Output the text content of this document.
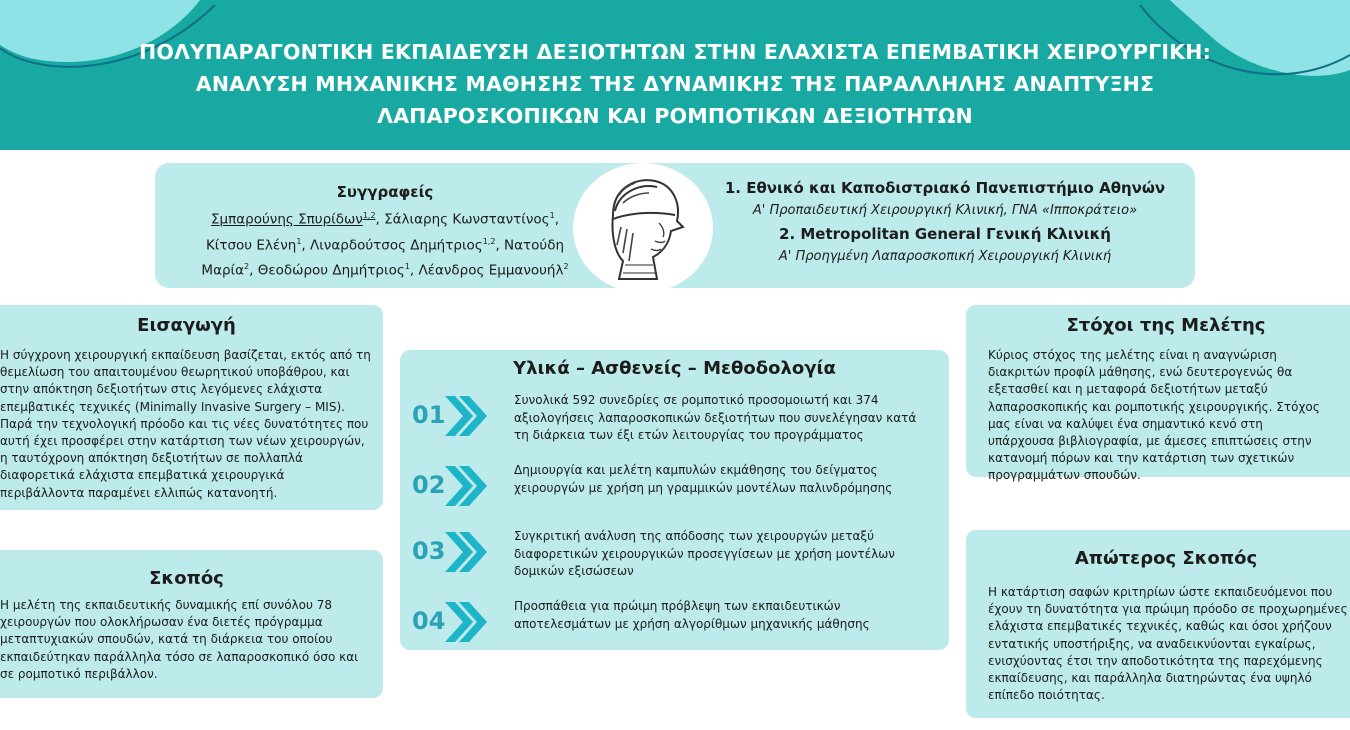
ΠΟΛΥΠΑΡΑΓΟΝΤΙΚΗ ΕΚΠΑΙΔΕΥΣΗ ΔΕΞΙΟΤΗΤΩΝ ΣΤΗΝ ΕΛΑΧΙΣΤΑ ΕΠΕΜΒΑΤΙΚΗ ΧΕΙΡΟΥΡΓΙΚΗ:
ΑΝΑΛΥΣΗ ΜΗΧΑΝΙΚΗΣ ΜΑΘΗΣΗΣ ΤΗΣ ΔΥΝΑΜΙΚΗΣ ΤΗΣ ΠΑΡΑΛΛΗΛΗΣ ΑΝΑΠΤΥΞΗΣ
ΛΑΠΑΡΟΣΚΟΠΙΚΩΝ ΚΑΙ ΡΟΜΠΟΤΙΚΩΝ ΔΕΞΙΟΤΗΤΩΝ
Συγγραφείς
Σμπαρούνης Σπυρίδων$^{1,2}$, Σάλιαρης Κωνσταντίνος$^1$,
Κίτσου Ελένη$^1$, Λιναρδούτσος Δημήτριος$^{1,2}$, Νατούδη
Μαρία$^2$, Θεοδώρου Δημήτριος$^1$, Λέανδρος Εμμανουήλ$^2$
1. Εθνικό και Καποδιστριακό Πανεπιστήμιο Αθηνών
Α' Προπαιδευτική Χειρουργική Κλινική, ΓΝΑ «Ιπποκράτειο»
2. Metropolitan General Γενική Κλινική
Α' Προηγμένη Λαπαροσκοπική Χειρουργική Κλινική
Εισαγωγή
Η σύγχρονη χειρουργική εκπαίδευση βασίζεται, εκτός από τη θεμελίωση του απαιτουμένου θεωρητικού υποβάθρου, και στην απόκτηση δεξιοτήτων στις λεγόμενες ελάχιστα επεμβατικές τεχνικές (Minimally Invasive Surgery – MIS). Παρά την τεχνολογική πρόοδο και τις νέες δυνατότητες που αυτή έχει προσφέρει στην κατάρτιση των νέων χειρουργών, η ταυτόχρονη απόκτηση δεξιοτήτων σε πολλαπλά διαφορετικά ελάχιστα επεμβατικά χειρουργικά περιβάλλοντα παραμένει ελλιπώς κατανοητή.
Σκοπός
Η μελέτη της εκπαιδευτικής δυναμικής επί συνόλου 78 χειρουργών που ολοκλήρωσαν ένα διετές πρόγραμμα μεταπτυχιακών σπουδών, κατά τη διάρκεια του οποίου εκπαιδεύτηκαν παράλληλα τόσο σε λαπαροσκοπικό όσο και σε ρομποτικό περιβάλλον.
Υλικά – Ασθενείς – Μεθοδολογία
01
Συνολικά 592 συνεδρίες σε ρομποτικό προσομοιωτή και 374 αξιολογήσεις λαπαροσκοπικών δεξιοτήτων που συνελέγησαν κατά τη διάρκεια των έξι ετών λειτουργίας του προγράμματος
02
Δημιουργία και μελέτη καμπυλών εκμάθησης του δείγματος χειρουργών με χρήση μη γραμμικών μοντέλων παλινδρόμησης
03
Συγκριτική ανάλυση της απόδοσης των χειρουργών μεταξύ διαφορετικών χειρουργικών προσεγγίσεων με χρήση μοντέλων δομικών εξισώσεων
04
Προσπάθεια για πρώιμη πρόβλεψη των εκπαιδευτικών αποτελεσμάτων με χρήση αλγορίθμων μηχανικής μάθησης
Στόχοι της Μελέτης
Κύριος στόχος της μελέτης είναι η αναγνώριση διακριτών προφίλ μάθησης, ενώ δευτερογενώς θα εξετασθεί και η μεταφορά δεξιοτήτων μεταξύ λαπαροσκοπικής και ρομποτικής χειρουργικής. Στόχος μας είναι να καλύψει ένα σημαντικό κενό στη υπάρχουσα βιβλιογραφία, με άμεσες επιπτώσεις στην κατανομή πόρων και την κατάρτιση των σχετικών προγραμμάτων σπουδών.
Απώτερος Σκοπός
Η κατάρτιση σαφών κριτηρίων ώστε εκπαιδευόμενοι που έχουν τη δυνατότητα για πρώιμη πρόοδο σε προχωρημένες ελάχιστα επεμβατικές τεχνικές, καθώς και όσοι χρήζουν εντατικής υποστήριξης, να αναδεικνύονται εγκαίρως, ενισχύοντας έτσι την αποδοτικότητα της παρεχόμενης εκπαίδευσης, και παράλληλα διατηρώντας ένα υψηλό επίπεδο ποιότητας.
